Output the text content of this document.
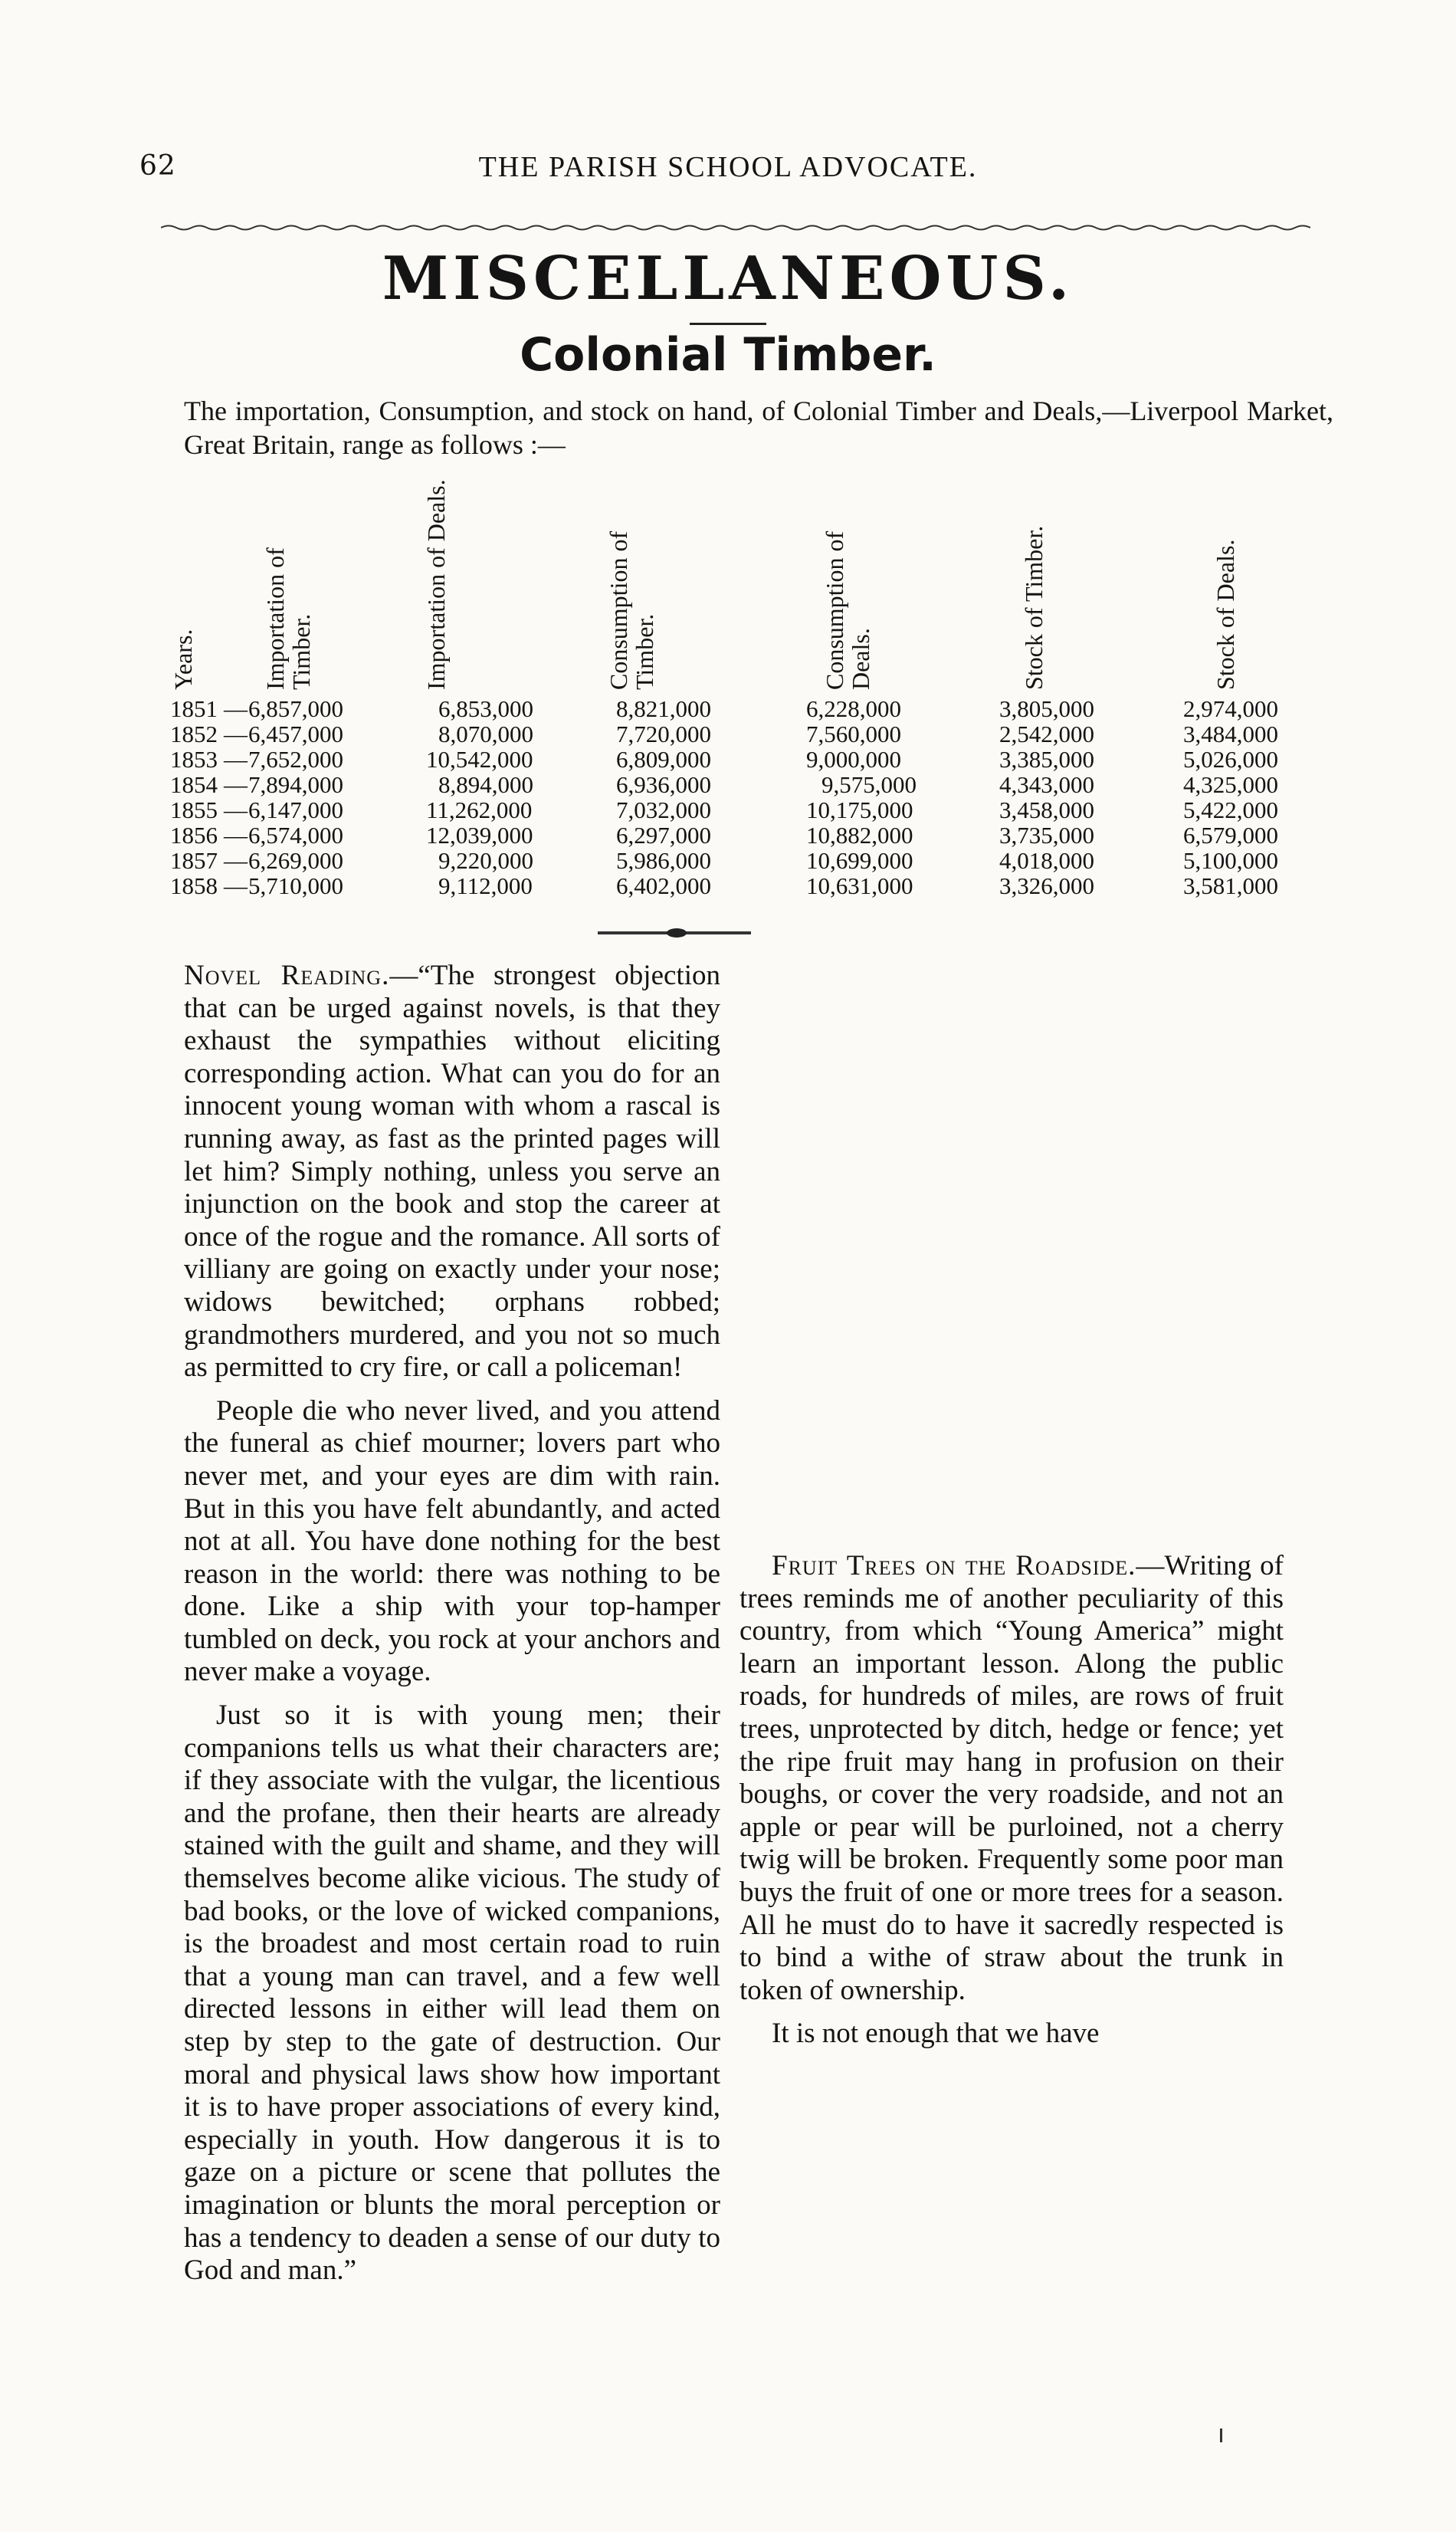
62	THE PARISH SCHOOL ADVOCATE.
MISCELLANEOUS.
Colonial Timber.
The importation, Consumption, and stock on hand, of Colonial Timber and Deals,—Liverpool Market, Great Britain, range as follows :—
Years.	Importation of Timber.	Importation of Deals.	Consumption of Timber.	Consumption of Deals.	Stock of Timber.	Stock of Deals.
1851 — 6,857,000	6,853,000	8,821,000	6,228,000	3,805,000	2,974,000
1852 — 6,457,000	8,070,000	7,720,000	7,560,000	2,542,000	3,484,000
1853 — 7,652,000	10,542,000	6,809,000	9,000,000	3,385,000	5,026,000
1854 — 7,894,000	8,894,000	6,936,000	9,575,000	4,343,000	4,325,000
1855 — 6,147,000	11,262,000	7,032,000	10,175,000	3,458,000	5,422,000
1856 — 6,574,000	12,039,000	6,297,000	10,882,000	3,735,000	6,579,000
1857 — 6,269,000	9,220,000	5,986,000	10,699,000	4,018,000	5,100,000
1858 — 5,710,000	9,112,000	6,402,000	10,631,000	3,326,000	3,581,000

Novel Reading.—“The strongest objection that can be urged against novels, is that they exhaust the sympathies without eliciting corresponding action. What can you do for an innocent young woman with whom a rascal is running away, as fast as the printed pages will let him? Simply nothing, unless you serve an injunction on the book and stop the career at once of the rogue and the romance. All sorts of villiany are going on exactly under your nose; widows bewitched; orphans robbed; grandmothers murdered, and you not so much as permitted to cry fire, or call a policeman!

People die who never lived, and you attend the funeral as chief mourner; lovers part who never met, and your eyes are dim with rain. But in this you have felt abundantly, and acted not at all. You have done nothing for the best reason in the world: there was nothing to be done. Like a ship with your top-hamper tumbled on deck, you rock at your anchors and never make a voyage.

Just so it is with young men; their companions tells us what their characters are; if they associate with the vulgar, the licentious and the profane, then their hearts are already stained with the guilt and shame, and they will themselves become alike vicious. The study of bad books, or the love of wicked companions, is the broadest and most certain road to ruin that a young man can travel, and a few well directed lessons in either will lead them on step by step to the gate of destruction. Our moral and physical laws show how important it is to have proper associations of every kind, especially in youth. How dangerous it is to gaze on a picture or scene that pollutes the imagination or blunts the moral perception or has a tendency to deaden a sense of our duty to God and man.”

Fruit Trees on the Roadside.—Writing of trees reminds me of another peculiarity of this country, from which “Young America” might learn an important lesson. Along the public roads, for hundreds of miles, are rows of fruit trees, unprotected by ditch, hedge or fence; yet the ripe fruit may hang in profusion on their boughs, or cover the very roadside, and not an apple or pear will be purloined, not a cherry twig will be broken. Frequently some poor man buys the fruit of one or more trees for a season. All he must do to have it sacredly respected is to bind a withe of straw about the trunk in token of ownership.

It is not enough that we have
